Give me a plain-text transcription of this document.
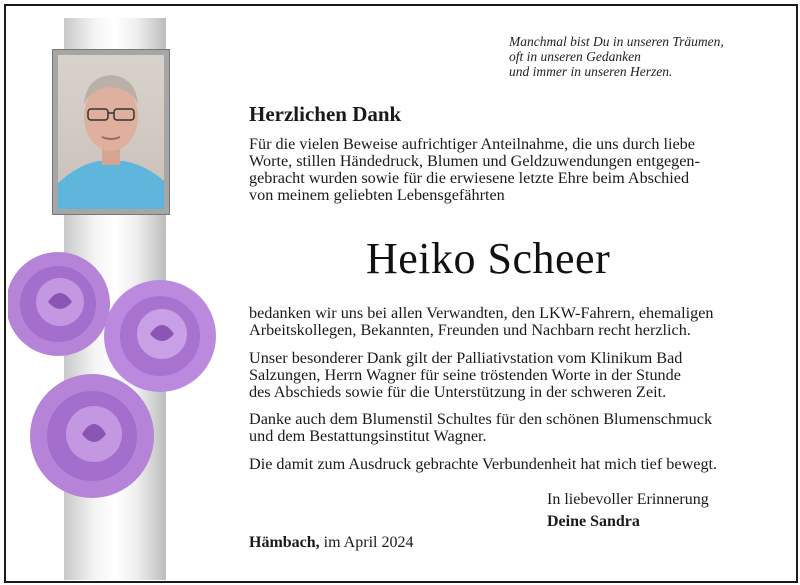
Manchmal bist Du in unseren Träumen,
oft in unseren Gedanken
und immer in unseren Herzen.
Herzlichen Dank
Für die vielen Beweise aufrichtiger Anteilnahme, die uns durch liebe
Worte, stillen Händedruck, Blumen und Geldzuwendungen entgegen-
gebracht wurden sowie für die erwiesene letzte Ehre beim Abschied
von meinem geliebten Lebensgefährten
Heiko Scheer
bedanken wir uns bei allen Verwandten, den LKW-Fahrern, ehemaligen
Arbeitskollegen, Bekannten, Freunden und Nachbarn recht herzlich.
Unser besonderer Dank gilt der Palliativstation vom Klinikum Bad
Salzungen, Herrn Wagner für seine tröstenden Worte in der Stunde
des Abschieds sowie für die Unterstützung in der schweren Zeit.
Danke auch dem Blumenstil Schultes für den schönen Blumenschmuck
und dem Bestattungsinstitut Wagner.
Die damit zum Ausdruck gebrachte Verbundenheit hat mich tief bewegt.
In liebevoller Erinnerung
Deine Sandra
Hämbach, im April 2024
